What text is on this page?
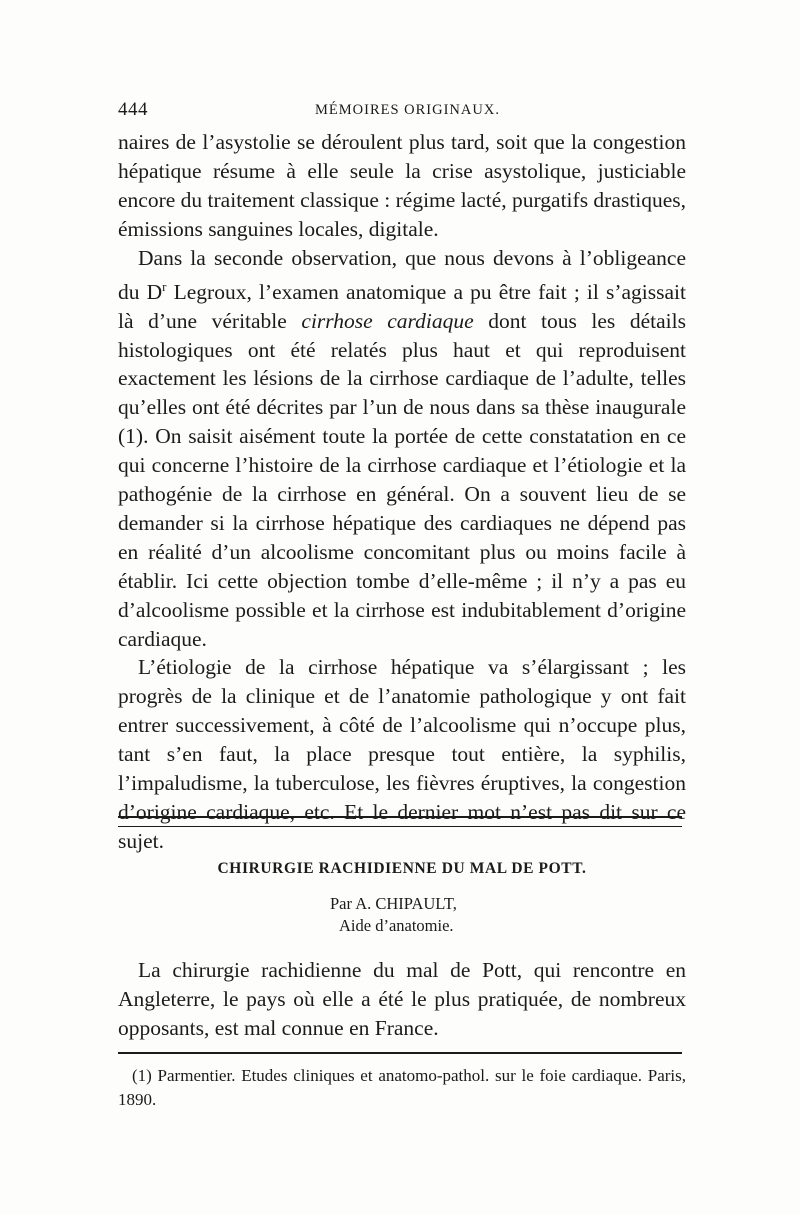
444	MÉMOIRES ORIGINAUX.

naires de l’asystolie se déroulent plus tard, soit que la congestion hépatique résume à elle seule la crise asystolique, justiciable encore du traitement classique : régime lacté, purgatifs drastiques, émissions sanguines locales, digitale.

Dans la seconde observation, que nous devons à l’obligeance du $D^r$ Legroux, l’examen anatomique a pu être fait ; il s’agissait là d’une véritable cirrhose cardiaque dont tous les détails histologiques ont été relatés plus haut et qui reproduisent exactement les lésions de la cirrhose cardiaque de l’adulte, telles qu’elles ont été décrites par l’un de nous dans sa thèse inaugurale (1). On saisit aisément toute la portée de cette constatation en ce qui concerne l’histoire de la cirrhose cardiaque et l’étiologie et la pathogénie de la cirrhose en général. On a souvent lieu de se demander si la cirrhose hépatique des cardiaques ne dépend pas en réalité d’un alcoolisme concomitant plus ou moins facile à établir. Ici cette objection tombe d’elle-même ; il n’y a pas eu d’alcoolisme possible et la cirrhose est indubitablement d’origine cardiaque.

L’étiologie de la cirrhose hépatique va s’élargissant ; les progrès de la clinique et de l’anatomie pathologique y ont fait entrer successivement, à côté de l’alcoolisme qui n’occupe plus, tant s’en faut, la place presque tout entière, la syphilis, l’impaludisme, la tuberculose, les fièvres éruptives, la congestion d’origine cardiaque, etc. Et le dernier mot n’est pas dit sur ce sujet.

CHIRURGIE RACHIDIENNE DU MAL DE POTT.
Par A. CHIPAULT,
Aide d’anatomie.

La chirurgie rachidienne du mal de Pott, qui rencontre en Angleterre, le pays où elle a été le plus pratiquée, de nombreux opposants, est mal connue en France.

(1) Parmentier. Etudes cliniques et anatomo-pathol. sur le foie cardiaque. Paris, 1890.
